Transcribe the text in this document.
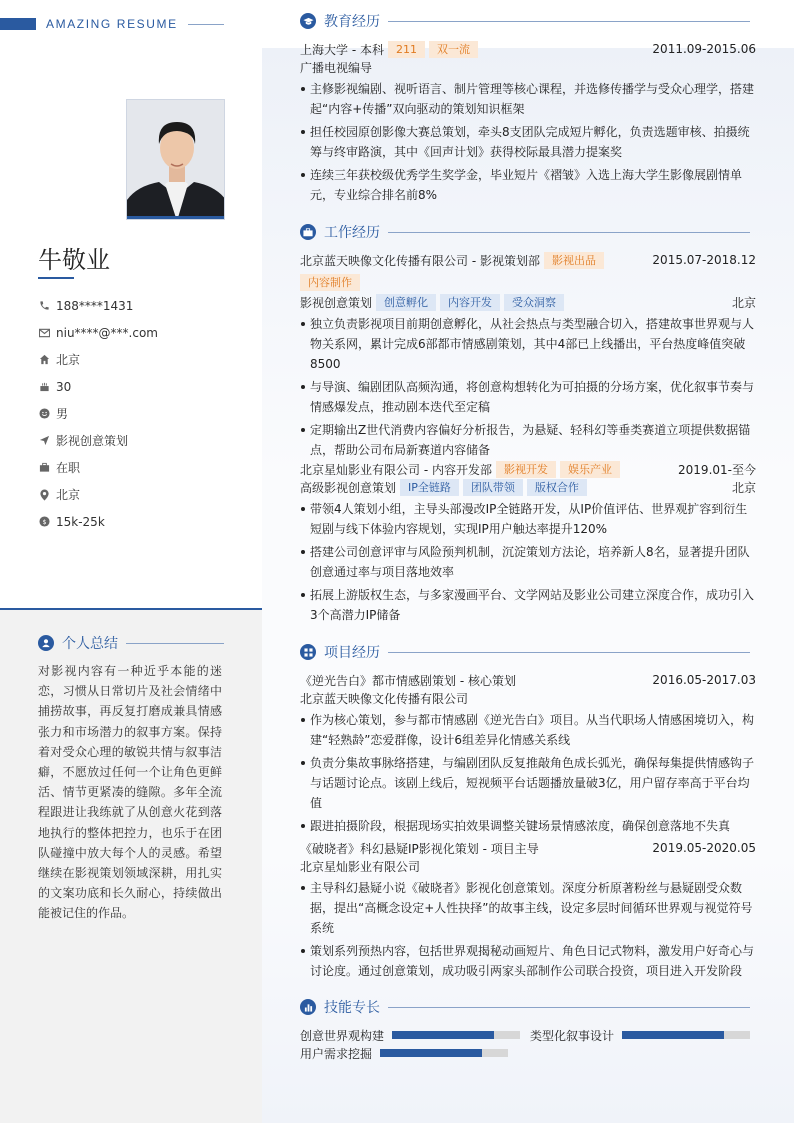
AMAZING RESUME
牛敬业
188****1431
niu****@***.com
北京
30
男
影视创意策划
在职
北京
$ 15k-25k
个人总结
对影视内容有一种近乎本能的迷恋，习惯从日常切片及社会情绪中捕捞故事，再反复打磨成兼具情感张力和市场潜力的叙事方案。保持着对受众心理的敏锐共情与叙事洁癖，不愿放过任何一个让角色更鲜活、情节更紧凑的缝隙。多年全流程跟进让我练就了从创意火花到落地执行的整体把控力，也乐于在团队碰撞中放大每个人的灵感。希望继续在影视策划领域深耕，用扎实的文案功底和长久耐心，持续做出能被记住的作品。
教育经历
上海大学 - 本科	211	双一流	2011.09-2015.06
广播电视编导
主修影视编剧、视听语言、制片管理等核心课程，并选修传播学与受众心理学，搭建起“内容+传播”双向驱动的策划知识框架
担任校园原创影像大赛总策划，牵头8支团队完成短片孵化，负责选题审核、拍摄统筹与终审路演，其中《回声计划》获得校际最具潜力提案奖
连续三年获校级优秀学生奖学金，毕业短片《褶皱》入选上海大学生影像展剧情单元，专业综合排名前8%
工作经历
北京蓝天映像文化传播有限公司 - 影视策划部	影视出品	2015.07-2018.12
内容制作
影视创意策划	创意孵化	内容开发	受众洞察	北京
独立负责影视项目前期创意孵化，从社会热点与类型融合切入，搭建故事世界观与人物关系网，累计完成6部都市情感剧策划，其中4部已上线播出，平台热度峰值突破8500
与导演、编剧团队高频沟通，将创意构想转化为可拍摄的分场方案，优化叙事节奏与情感爆发点，推动剧本迭代至定稿
定期输出Z世代消费内容偏好分析报告，为悬疑、轻科幻等垂类赛道立项提供数据锚点，帮助公司布局新赛道内容储备
北京星灿影业有限公司 - 内容开发部	影视开发	娱乐产业	2019.01-至今
高级影视创意策划	IP全链路	团队带领	版权合作	北京
带领4人策划小组，主导头部漫改IP全链路开发，从IP价值评估、世界观扩容到衍生短剧与线下体验内容规划，实现IP用户触达率提升120%
搭建公司创意评审与风险预判机制，沉淀策划方法论，培养新人8名，显著提升团队创意通过率与项目落地效率
拓展上游版权生态，与多家漫画平台、文学网站及影业公司建立深度合作，成功引入3个高潜力IP储备
项目经历
《逆光告白》都市情感剧策划 - 核心策划	2016.05-2017.03
北京蓝天映像文化传播有限公司
作为核心策划，参与都市情感剧《逆光告白》项目。从当代职场人情感困境切入，构建“轻熟龄”恋爱群像，设计6组差异化情感关系线
负责分集故事脉络搭建，与编剧团队反复推敲角色成长弧光，确保每集提供情感钩子与话题讨论点。该剧上线后，短视频平台话题播放量破3亿，用户留存率高于平台均值
跟进拍摄阶段，根据现场实拍效果调整关键场景情感浓度，确保创意落地不失真
《破晓者》科幻悬疑IP影视化策划 - 项目主导	2019.05-2020.05
北京星灿影业有限公司
主导科幻悬疑小说《破晓者》影视化创意策划。深度分析原著粉丝与悬疑剧受众数据，提出“高概念设定+人性抉择”的故事主线，设定多层时间循环世界观与视觉符号系统
策划系列预热内容，包括世界观揭秘动画短片、角色日记式物料，激发用户好奇心与讨论度。通过创意策划，成功吸引两家头部制作公司联合投资，项目进入开发阶段
技能专长
创意世界观构建	类型化叙事设计
用户需求挖掘
